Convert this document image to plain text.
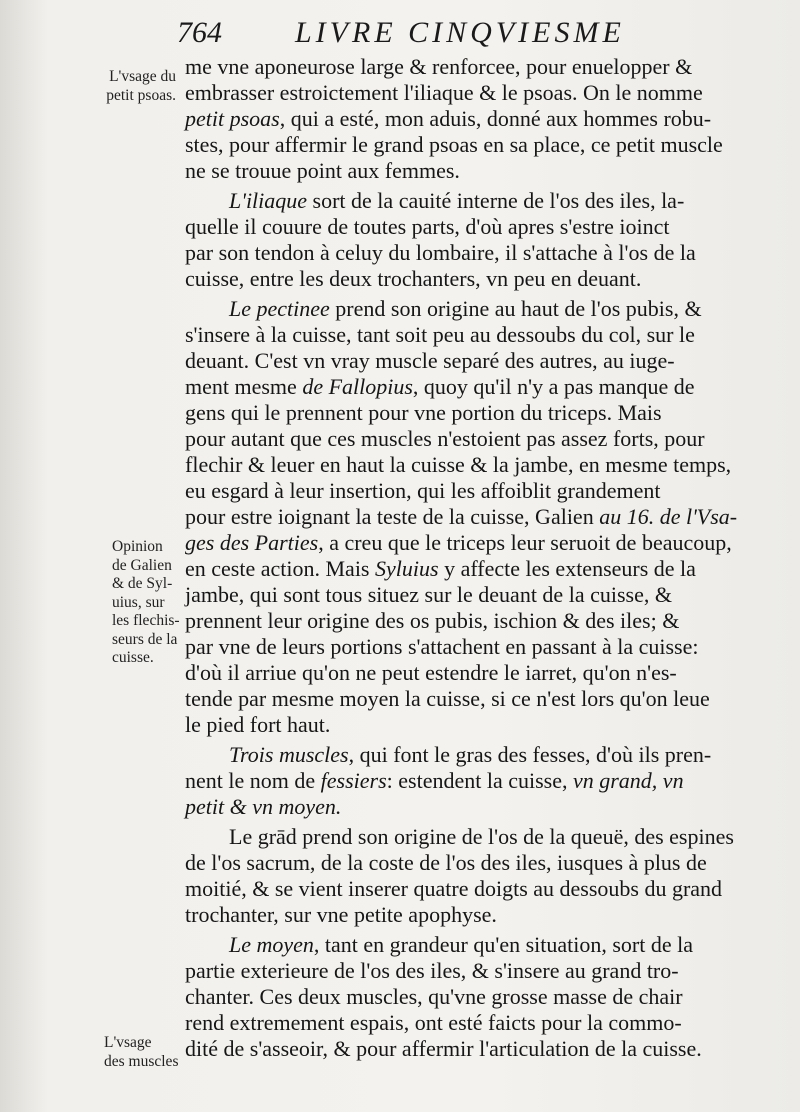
764 LIVRE CINQVIESME
L'vsage du
petit psoas.
Opinion
de Galien
& de Syl-
uius, sur
les flechis-
seurs de la
cuisse.
L'vsage
des muscles
me vne aponeurose large & renforcee, pour enuelopper &
embrasser estroictement l'iliaque & le psoas. On le nomme
petit psoas, qui a esté, mon aduis, donné aux hommes robu-
stes, pour affermir le grand psoas en sa place, ce petit muscle
ne se trouue point aux femmes.
L'iliaque sort de la cauité interne de l'os des iles, la-
quelle il couure de toutes parts, d'où apres s'estre ioinct
par son tendon à celuy du lombaire, il s'attache à l'os de la
cuisse, entre les deux trochanters, vn peu en deuant.
Le pectinee prend son origine au haut de l'os pubis, &
s'insere à la cuisse, tant soit peu au dessoubs du col, sur le
deuant. C'est vn vray muscle separé des autres, au iuge-
ment mesme de Fallopius, quoy qu'il n'y a pas manque de
gens qui le prennent pour vne portion du triceps. Mais
pour autant que ces muscles n'estoient pas assez forts, pour
flechir & leuer en haut la cuisse & la jambe, en mesme temps,
eu esgard à leur insertion, qui les affoiblit grandement
pour estre ioignant la teste de la cuisse, Galien au 16. de l'Vsa-
ges des Parties, a creu que le triceps leur seruoit de beaucoup,
en ceste action. Mais Syluius y affecte les extenseurs de la
jambe, qui sont tous situez sur le deuant de la cuisse, &
prennent leur origine des os pubis, ischion & des iles; &
par vne de leurs portions s'attachent en passant à la cuisse:
d'où il arriue qu'on ne peut estendre le iarret, qu'on n'es-
tende par mesme moyen la cuisse, si ce n'est lors qu'on leue
le pied fort haut.
Trois muscles, qui font le gras des fesses, d'où ils pren-
nent le nom de fessiers: estendent la cuisse, vn grand, vn
petit & vn moyen.
Le grād prend son origine de l'os de la queuë, des espines
de l'os sacrum, de la coste de l'os des iles, iusques à plus de
moitié, & se vient inserer quatre doigts au dessoubs du grand
trochanter, sur vne petite apophyse.
Le moyen, tant en grandeur qu'en situation, sort de la
partie exterieure de l'os des iles, & s'insere au grand tro-
chanter. Ces deux muscles, qu'vne grosse masse de chair
rend extremement espais, ont esté faicts pour la commo-
dité de s'asseoir, & pour affermir l'articulation de la cuisse.
